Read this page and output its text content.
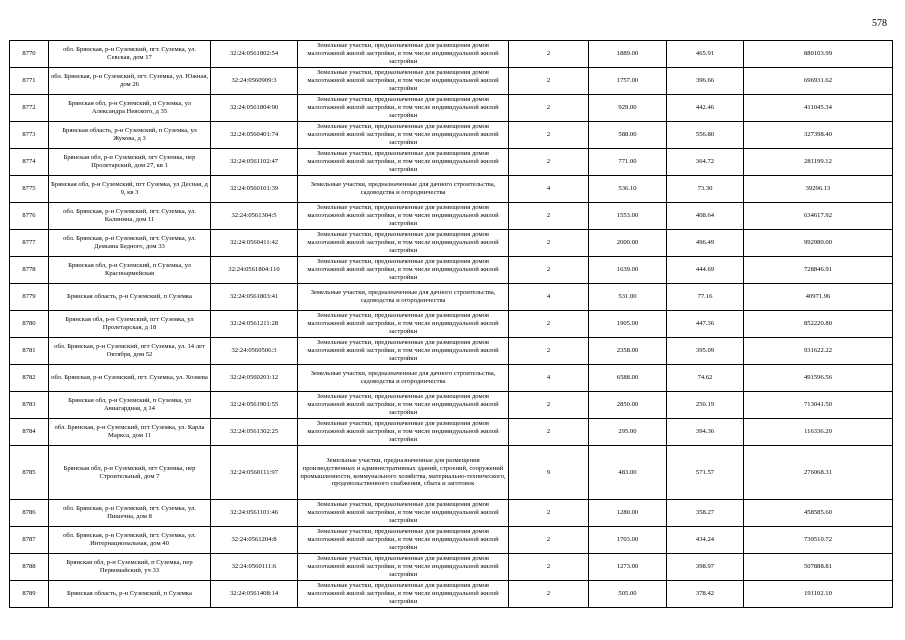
578
8770	обл. Брянская, р-н Суземский, пгт. Суземка, ул. Севская, дом 17	32:24:0561802:54	Земельные участки, предназначенные для размещения домов малоэтажной жилой застройки, в том числе индивидуальной жилой застройки	2	1889.00	465.91	880103.99
8771	обл. Брянская, р-н Суземский, пгт. Суземка, ул. Южная, дом 26	32:24:0560909:3	Земельные участки, предназначенные для размещения домов малоэтажной жилой застройки, в том числе индивидуальной жилой застройки	2	1757.00	396.66	696931.62
8772	Брянская обл, р-н Суземский, п Суземка, ул Александра Невского, д 35	32:24:0561804:90	Земельные участки, предназначенные для размещения домов малоэтажной жилой застройки, в том числе индивидуальной жилой застройки	2	929.00	442.46	411045.34
8773	Брянская область, р-н Суземский, п Суземка, ул Жукова, д 3	32:24:0560401:74	Земельные участки, предназначенные для размещения домов малоэтажной жилой застройки, в том числе индивидуальной жилой застройки	2	588.00	556.80	327398.40
8774	Брянская обл, р-н Суземский, пгт Суземка, пер Пролетарский, дом 27, кв 1	32:24:0561102:47	Земельные участки, предназначенные для размещения домов малоэтажной жилой застройки, в том числе индивидуальной жилой застройки	2	771.00	364.72	281199.12
8775	Брянская обл, р-н Суземский, пгт Суземка, ул Десная, д 9, кв 3	32:24:0560101:39	Земельные участки, предназначенные для дачного строительства, садоводства и огородничества	4	536.10	73.30	39296.13
8776	обл. Брянская, р-н Суземский, пгт. Суземка, ул. Калинина, дом 11	32:24:0561304:5	Земельные участки, предназначенные для размещения домов малоэтажной жилой застройки, в том числе индивидуальной жилой застройки	2	1553.00	408.64	634617.92
8777	обл. Брянская, р-н Суземский, пгт. Суземка, ул. Демьяна Бедного, дом 33	32:24:0560411:42	Земельные участки, предназначенные для размещения домов малоэтажной жилой застройки, в том числе индивидуальной жилой застройки	2	2000.00	496.49	992980.00
8778	Брянская обл, р-н Суземский, п Суземка, ул Красноармейская	32:24:0561804:110	Земельные участки, предназначенные для размещения домов малоэтажной жилой застройки, в том числе индивидуальной жилой застройки	2	1639.00	444.69	728846.91
8779	Брянская область, р-н Суземский, п Суземка	32:24:0561803:41	Земельные участки, предназначенные для дачного строительства, садоводства и огородничества	4	531.00	77.16	40971.96
8780	Брянская обл, р-н Суземский, пгт Суземка, ул Пролетарская, д 18	32:24:0561211:28	Земельные участки, предназначенные для размещения домов малоэтажной жилой застройки, в том числе индивидуальной жилой застройки	2	1905.00	447.36	852220.80
8781	обл. Брянская, р-н Суземский, пгт Суземка, ул. 14 лет Октября, дом 52	32:24:0560506:3	Земельные участки, предназначенные для размещения домов малоэтажной жилой застройки, в том числе индивидуальной жилой застройки	2	2358.00	395.09	931622.22
8782	обл. Брянская, р-н Суземский, пгт. Суземка, ул. Хозяева	32:24:0560201:12	Земельные участки, предназначенные для дачного строительства, садоводства и огородничества	4	6588.00	74.62	491596.56
8783	Брянская обл, р-н Суземский, п Суземка, ул Авиагардная, д 14	32:24:0561901:55	Земельные участки, предназначенные для размещения домов малоэтажной жилой застройки, в том числе индивидуальной жилой застройки	2	2850.00	250.19	713041.50
8784	обл. Брянская, р-н Суземский, пгт Суземка, ул. Карла Маркса, дом 11	32:24:0561302:25	Земельные участки, предназначенные для размещения домов малоэтажной жилой застройки, в том числе индивидуальной жилой застройки	2	295.00	394.36	116336.20
8785	Брянская обл, р-н Суземский, пгт Суземка, пер Строительный, дом 7	32:24:0560111:97	Земельные участки, предназначенные для размещения производственных и административных зданий, строений, сооружений промышленности, коммунального хозяйства, материально-технического, продовольственного снабжения, сбыта и заготовок	9	483.00	571.57	276068.31
8786	обл. Брянская, р-н Суземский, пгт. Суземка, ул. Пишечна, дом 8	32:24:0561101:46	Земельные участки, предназначенные для размещения домов малоэтажной жилой застройки, в том числе индивидуальной жилой застройки	2	1280.00	358.27	458585.60
8787	обл. Брянская, р-н Суземский, пгт. Суземка, ул. Интернациональная, дом 40	32:24:0561204:8	Земельные участки, предназначенные для размещения домов малоэтажной жилой застройки, в том числе индивидуальной жилой застройки	2	1703.00	434.24	739510.72
8788	Брянская обл, р-н Суземский, п Суземка, пер Первомайский, уч 33	32:24:0560111:6	Земельные участки, предназначенные для размещения домов малоэтажной жилой застройки, в том числе индивидуальной жилой застройки	2	1273.00	398.97	507888.81
8789	Брянская область, р-н Суземский, п Суземка	32:24:0561408:14	Земельные участки, предназначенные для размещения домов малоэтажной жилой застройки, в том числе индивидуальной жилой застройки	2	505.00	378.42	191102.10
